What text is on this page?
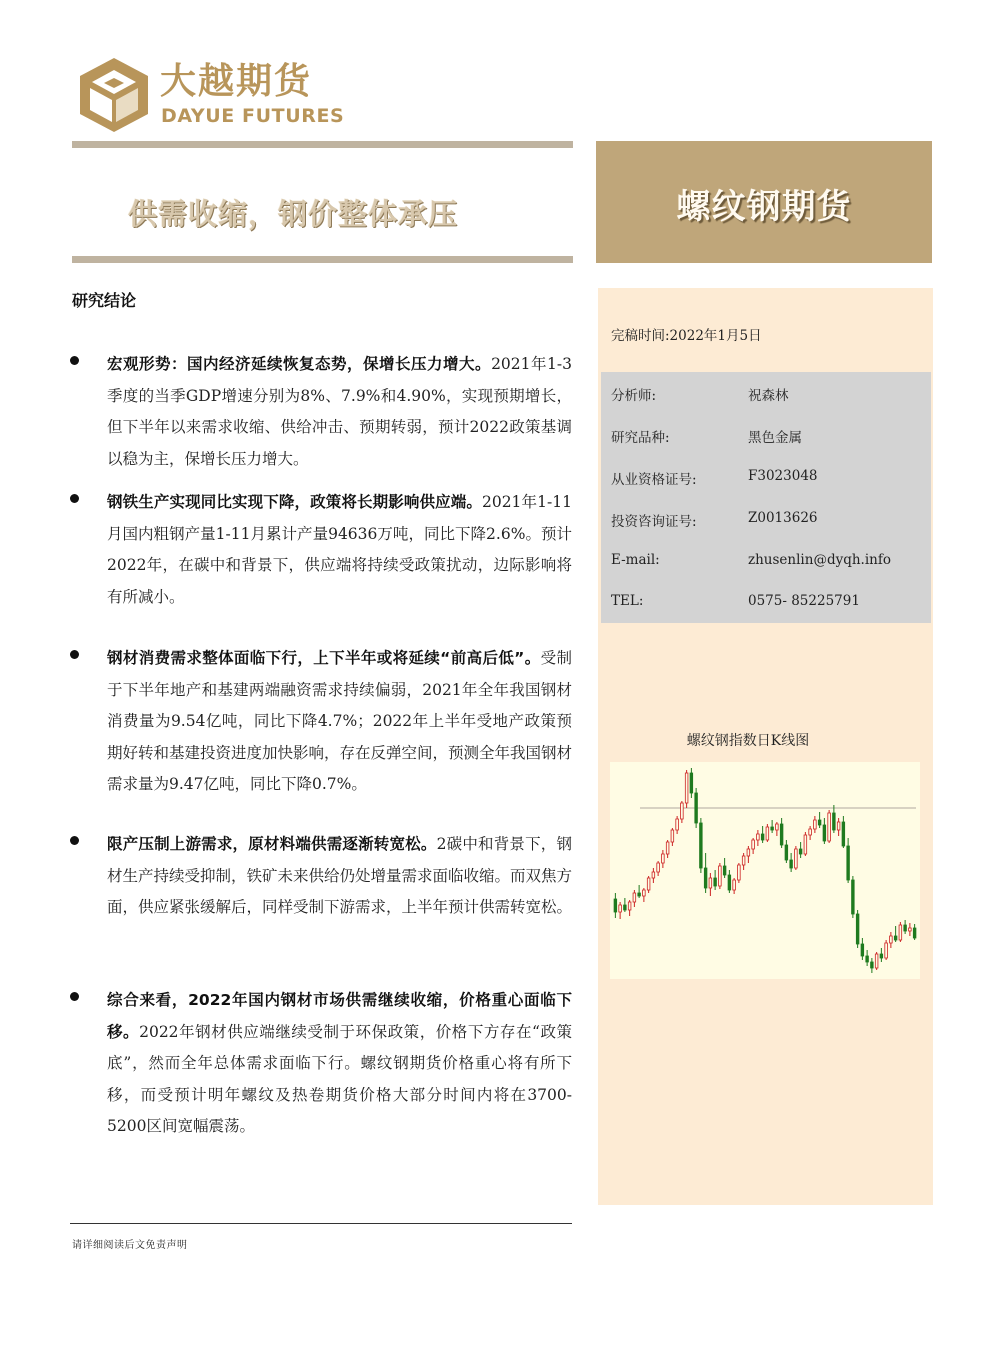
大越期货
DAYUE FUTURES
供需收缩，钢价整体承压	螺纹钢期货
研究结论
宏观形势：国内经济延续恢复态势，保增长压力增大。2021年1-3季度的当季GDP增速分别为8%、7.9%和4.90%，实现预期增长，但下半年以来需求收缩、供给冲击、预期转弱，预计2022政策基调以稳为主，保增长压力增大。
钢铁生产实现同比实现下降，政策将长期影响供应端。2021年1-11月国内粗钢产量1-11月累计产量94636万吨，同比下降2.6%。预计2022年，在碳中和背景下，供应端将持续受政策扰动，边际影响将有所减小。
钢材消费需求整体面临下行，上下半年或将延续“前高后低”。受制于下半年地产和基建两端融资需求持续偏弱，2021年全年我国钢材消费量为9.54亿吨，同比下降4.7%；2022年上半年受地产政策预期好转和基建投资进度加快影响，存在反弹空间，预测全年我国钢材需求量为9.47亿吨，同比下降0.7%。
限产压制上游需求，原材料端供需逐渐转宽松。2碳中和背景下，钢材生产持续受抑制，铁矿未来供给仍处增量需求面临收缩。而双焦方面，供应紧张缓解后，同样受制下游需求，上半年预计供需转宽松。
综合来看，2022年国内钢材市场供需继续收缩，价格重心面临下移。2022年钢材供应端继续受制于环保政策，价格下方存在“政策底”，然而全年总体需求面临下行。螺纹钢期货价格重心将有所下移，而受预计明年螺纹及热卷期货价格大部分时间内将在3700-5200区间宽幅震荡。
完稿时间:2022年1月5日
分析师:	祝森林
研究品种:	黑色金属
从业资格证号:	F3023048
投资咨询证号:	Z0013626
E-mail:	zhusenlin@dyqh.info
TEL:	0575- 85225791
螺纹钢指数日K线图
请详细阅读后文免责声明
